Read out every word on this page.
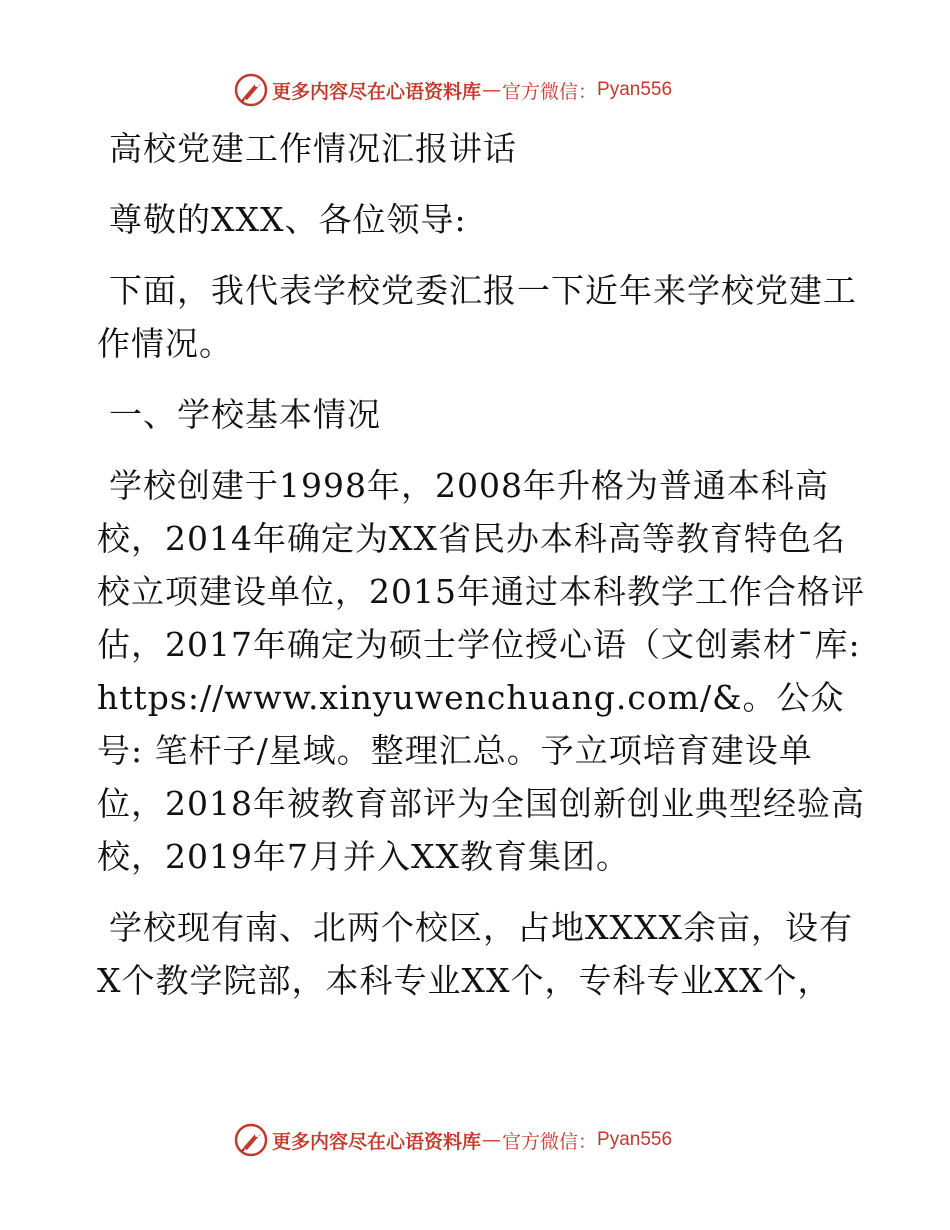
更多内容尽在心语资料库 — 官方微信： Pyan556

高校党建工作情况汇报讲话

尊敬的XXX、各位领导:

下面，我代表学校党委汇报一下近年来学校党建工作情况。

一、学校基本情况

学校创建于1998年，2008年升格为普通本科高校，2014年确定为XX省民办本科高等教育特色名校立项建设单位，2015年通过本科教学工作合格评估，2017年确定为硕士学位授心语（文创素材¯库: https://www.xinyuwenchuang.com/&。公众号: 笔杆子/星域。整理汇总。予立项培育建设单位，2018年被教育部评为全国创新创业典型经验高校，2019年7月并入XX教育集团。

学校现有南、北两个校区，占地XXXX余亩，设有X个教学院部，本科专业XX个，专科专业XX个，

更多内容尽在心语资料库 — 官方微信： Pyan556
